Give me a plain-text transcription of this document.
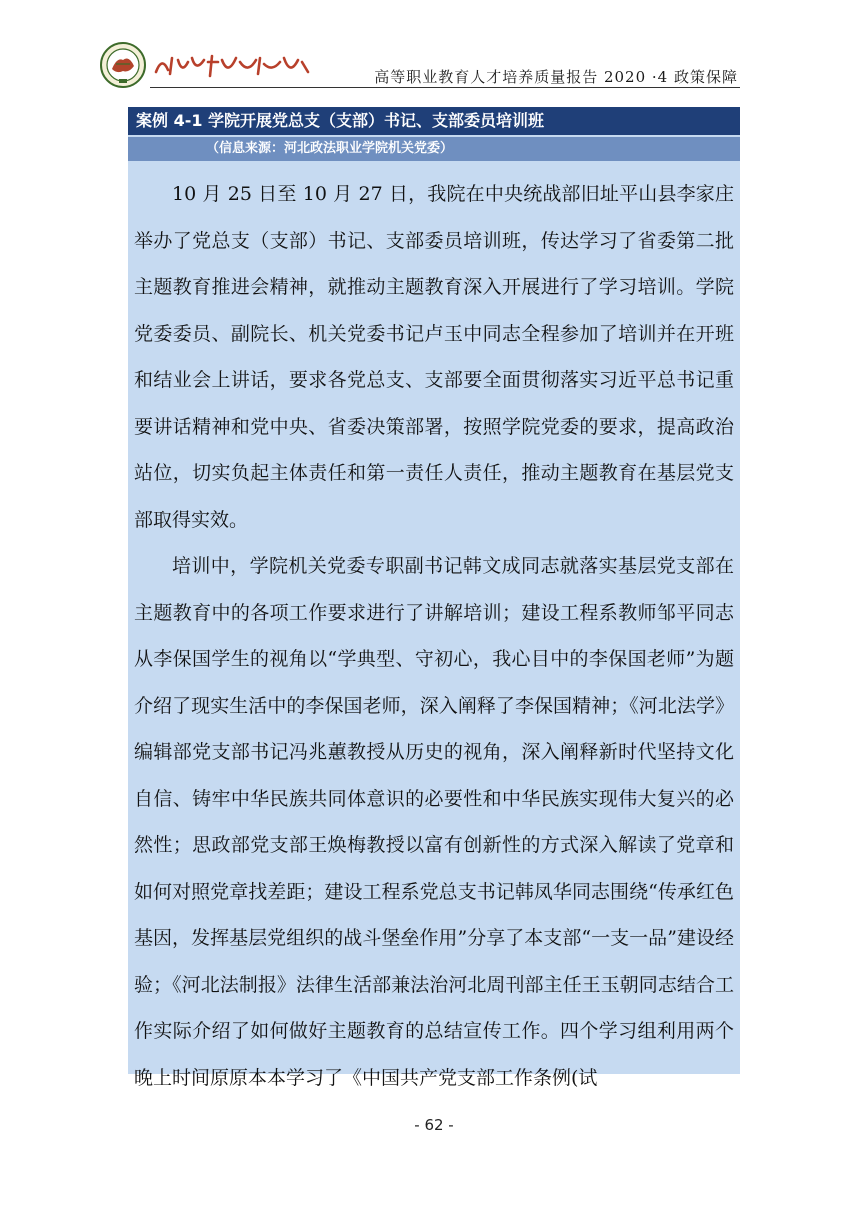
高等职业教育人才培养质量报告 2020 ·4 政策保障
案例 4-1 学院开展党总支（支部）书记、支部委员培训班
（信息来源：河北政法职业学院机关党委）

10 月 25 日至 10 月 27 日，我院在中央统战部旧址平山县李家庄举办了党总支（支部）书记、支部委员培训班，传达学习了省委第二批主题教育推进会精神，就推动主题教育深入开展进行了学习培训。学院党委委员、副院长、机关党委书记卢玉中同志全程参加了培训并在开班和结业会上讲话，要求各党总支、支部要全面贯彻落实习近平总书记重要讲话精神和党中央、省委决策部署，按照学院党委的要求，提高政治站位，切实负起主体责任和第一责任人责任，推动主题教育在基层党支部取得实效。

培训中，学院机关党委专职副书记韩文成同志就落实基层党支部在主题教育中的各项工作要求进行了讲解培训；建设工程系教师邹平同志从李保国学生的视角以“学典型、守初心，我心目中的李保国老师”为题介绍了现实生活中的李保国老师，深入阐释了李保国精神；《河北法学》编辑部党支部书记冯兆蕙教授从历史的视角，深入阐释新时代坚持文化自信、铸牢中华民族共同体意识的必要性和中华民族实现伟大复兴的必然性；思政部党支部王焕梅教授以富有创新性的方式深入解读了党章和如何对照党章找差距；建设工程系党总支书记韩凤华同志围绕“传承红色基因，发挥基层党组织的战斗堡垒作用”分享了本支部“一支一品”建设经验；《河北法制报》法律生活部兼法治河北周刊部主任王玉朝同志结合工作实际介绍了如何做好主题教育的总结宣传工作。四个学习组利用两个晚上时间原原本本学习了《中国共产党支部工作条例(试

- 62 -
